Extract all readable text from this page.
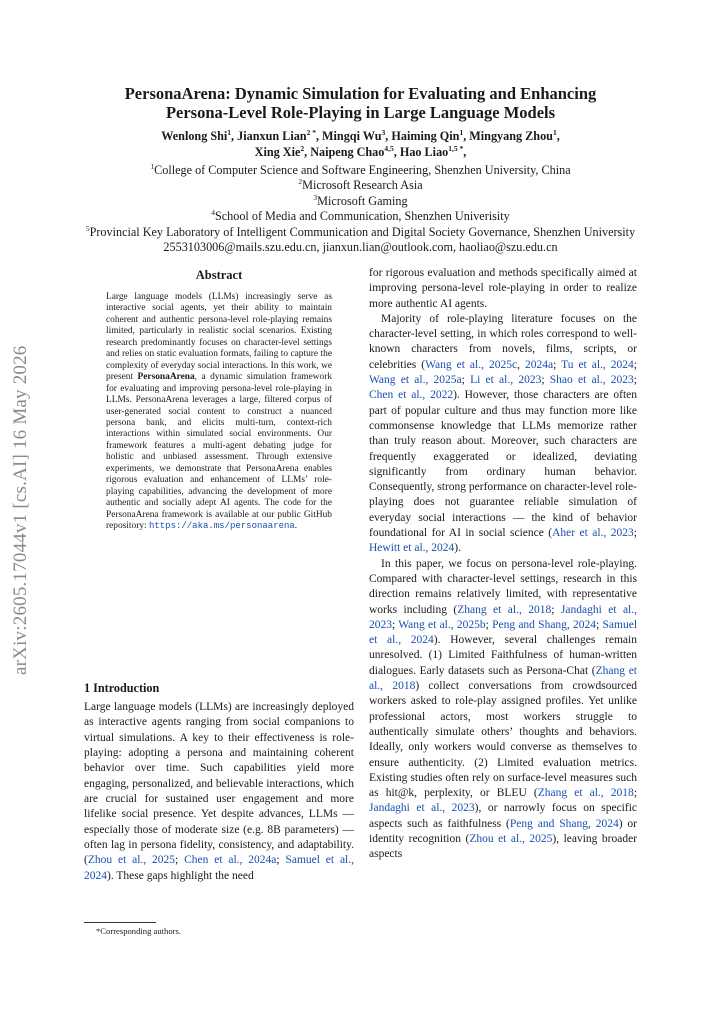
PersonaArena: Dynamic Simulation for Evaluating and Enhancing
Persona-Level Role-Playing in Large Language Models
Wenlong Shi$^1$, Jianxun Lian$^{2 *}$, Mingqi Wu$^3$, Haiming Qin$^1$, Mingyang Zhou$^1$,
Xing Xie$^2$, Naipeng Chao$^{4,5}$, Hao Liao$^{1,5 *}$,
$^1$College of Computer Science and Software Engineering, Shenzhen University, China
$^2$Microsoft Research Asia
$^3$Microsoft Gaming
$^4$School of Media and Communication, Shenzhen Univerisity
$^5$Provincial Key Laboratory of Intelligent Communication and Digital Society Governance, Shenzhen University
2553103006@mails.szu.edu.cn, jianxun.lian@outlook.com, haoliao@szu.edu.cn
arXiv:2605.17044v1 [cs.AI] 16 May 2026
Abstract
Large language models (LLMs) increasingly serve as interactive social agents, yet their ability to maintain coherent and authentic persona-level role-playing remains limited, particularly in realistic social scenarios. Existing research predominantly focuses on character-level settings and relies on static evaluation formats, failing to capture the complexity of everyday social interactions. In this work, we present PersonaArena, a dynamic simulation framework for evaluating and improving persona-level role-playing in LLMs. PersonaArena leverages a large, filtered corpus of user-generated social content to construct a nuanced persona bank, and elicits multi-turn, context-rich interactions within simulated social environments. Our framework features a multi-agent debating judge for holistic and unbiased assessment. Through extensive experiments, we demonstrate that PersonaArena enables rigorous evaluation and enhancement of LLMs’ role-playing capabilities, advancing the development of more authentic and socially adept AI agents. The code for the PersonaArena framework is available at our public GitHub repository: https://aka.ms/personaarena.
1 Introduction

Large language models (LLMs) are increasingly deployed as interactive agents ranging from social companions to virtual simulations. A key to their effectiveness is role-playing: adopting a persona and maintaining coherent behavior over time. Such capabilities yield more engaging, personalized, and believable interactions, which are crucial for sustained user engagement and more lifelike social presence. Yet despite advances, LLMs — especially those of moderate size (e.g. 8B parameters) — often lag in persona fidelity, consistency, and adaptability. (Zhou et al., 2025; Chen et al., 2024a; Samuel et al., 2024). These gaps highlight the need

*Corresponding authors.

for rigorous evaluation and methods specifically aimed at improving persona-level role-playing in order to realize more authentic AI agents.

Majority of role-playing literature focuses on the character-level setting, in which roles correspond to well-known characters from novels, films, scripts, or celebrities (Wang et al., 2025c, 2024a; Tu et al., 2024; Wang et al., 2025a; Li et al., 2023; Shao et al., 2023; Chen et al., 2022). However, those characters are often part of popular culture and thus may function more like commonsense knowledge that LLMs memorize rather than truly reason about. Moreover, such characters are frequently exaggerated or idealized, deviating significantly from ordinary human behavior. Consequently, strong performance on character-level role-playing does not guarantee reliable simulation of everyday social interactions — the kind of behavior foundational for AI in social science (Aher et al., 2023; Hewitt et al., 2024).

In this paper, we focus on persona-level role-playing. Compared with character-level settings, research in this direction remains relatively limited, with representative works including (Zhang et al., 2018; Jandaghi et al., 2023; Wang et al., 2025b; Peng and Shang, 2024; Samuel et al., 2024). However, several challenges remain unresolved. (1) Limited Faithfulness of human-written dialogues. Early datasets such as Persona-Chat (Zhang et al., 2018) collect conversations from crowdsourced workers asked to role-play assigned profiles. Yet unlike professional actors, most workers struggle to authentically simulate others’ thoughts and behaviors. Ideally, only workers would converse as themselves to ensure authenticity. (2) Limited evaluation metrics. Existing studies often rely on surface-level measures such as hit@k, perplexity, or BLEU (Zhang et al., 2018; Jandaghi et al., 2023), or narrowly focus on specific aspects such as faithfulness (Peng and Shang, 2024) or identity recognition (Zhou et al., 2025), leaving broader aspects
